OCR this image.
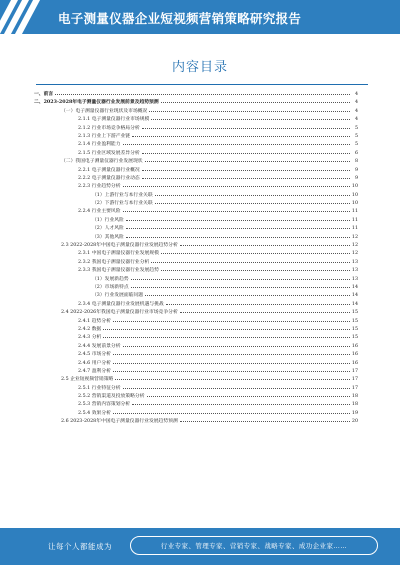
电子测量仪器企业短视频营销策略研究报告
内容目录
一、前言	4
二、2023-2028年电子测量仪器行业发展前景及趋势预测	4
（一）电子测量仪器行业现状及市场概况	4
2.1.1 电子测量仪器行业市场规模	4
2.1.2 行业市场竞争格局分析	5
2.1.3 行业上下游产业链	5
2.1.4 行业盈利能力	5
2.1.5 行业区域发展差异分析	6
（二）我国电子测量仪器行业发展现状	8
2.2.1 电子测量仪器行业概况	9
2.2.2 电子测量仪器行业动态	9
2.2.3 行业趋势分析	10
（1）上游行业与本行业关联	10
（2）下游行业与本行业关联	10
2.2.4 行业主要风险	11
（1）行业风险	11
（2）人才风险	11
（3）其他风险	12
2.3 2022-2028年中国电子测量仪器行业发展趋势分析	12
2.3.1 中国电子测量仪器行业发展规模	12
2.3.2 我国电子测量仪器行业分析	13
2.3.3 我国电子测量仪器行业发展趋势	13
（1）发展新趋势	13
（2）市场新特点	14
（3）行业发展面临问题	14
2.3.4 电子测量仪器行业发展机遇与挑战	14
2.4 2022-2026年我国电子测量仪器行业市场竞争分析	15
2.4.1 趋势分析	15
2.4.2 数据	15
2.4.3 分析	15
2.4.4 发展前景分析	16
2.4.5 市场分析	16
2.4.6 用户分析	16
2.4.7 盈利分析	17
2.5 企业短视频营销策略	17
2.5.1 行业特征分析	17
2.5.2 营销渠道及投放策略分析	18
2.5.3 营销内容策划分析	18
2.5.4 效果分析	19
2.6 2023-2028年中国电子测量仪器行业发展趋势预测	20
让每个人都能成为	行业专家、管理专家、营销专家、战略专家、成功企业家……
